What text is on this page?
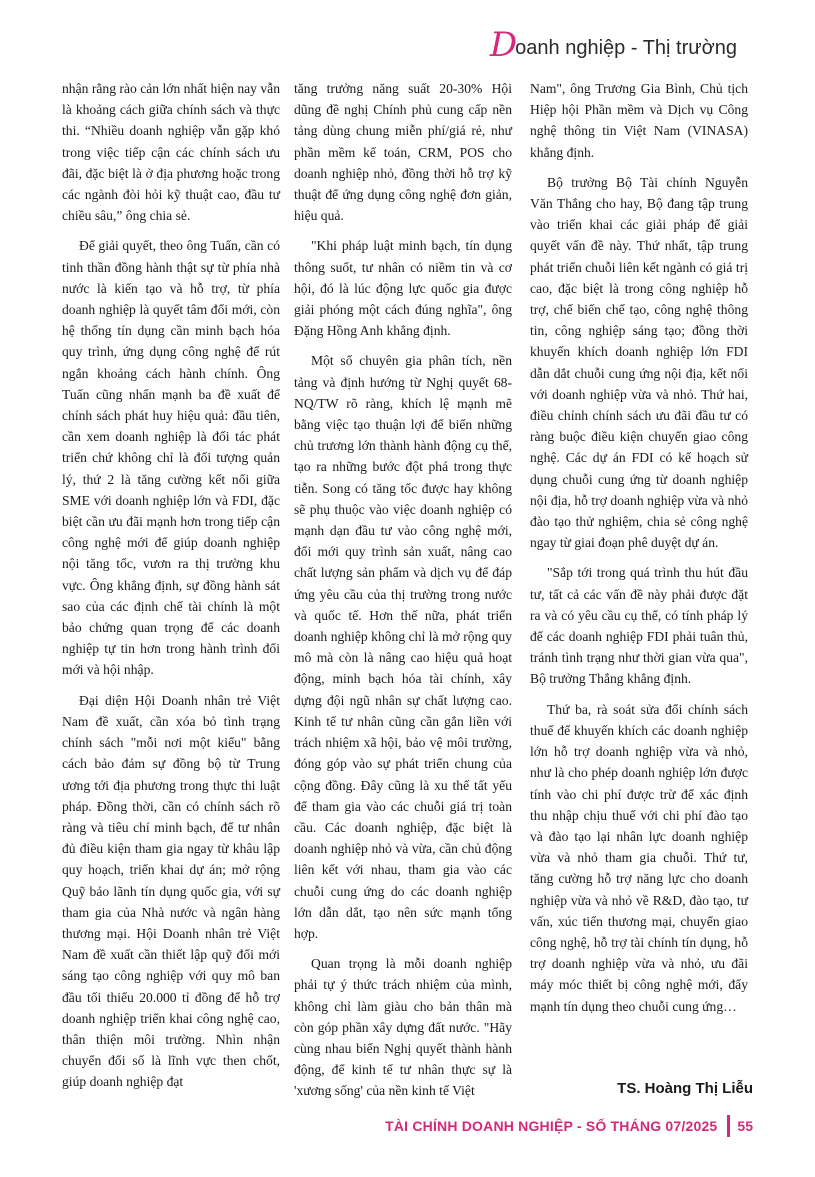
D
oanh nghiệp - Thị trường

nhận rằng rào cản lớn nhất hiện nay vẫn là khoảng cách giữa chính sách và thực thi. “Nhiều doanh nghiệp vẫn gặp khó trong việc tiếp cận các chính sách ưu đãi, đặc biệt là ở địa phương hoặc trong các ngành đòi hỏi kỹ thuật cao, đầu tư chiều sâu,” ông chia sẻ.

Để giải quyết, theo ông Tuấn, cần có tinh thần đồng hành thật sự từ phía nhà nước là kiến tạo và hỗ trợ, từ phía doanh nghiệp là quyết tâm đổi mới, còn hệ thống tín dụng cần minh bạch hóa quy trình, ứng dụng công nghệ để rút ngắn khoảng cách hành chính. Ông Tuấn cũng nhấn mạnh ba đề xuất để chính sách phát huy hiệu quả: đầu tiên, cần xem doanh nghiệp là đối tác phát triển chứ không chỉ là đối tượng quản lý, thứ 2 là tăng cường kết nối giữa SME với doanh nghiệp lớn và FDI, đặc biệt cần ưu đãi mạnh hơn trong tiếp cận công nghệ mới để giúp doanh nghiệp nội tăng tốc, vươn ra thị trường khu vực. Ông khẳng định, sự đồng hành sát sao của các định chế tài chính là một bảo chứng quan trọng để các doanh nghiệp tự tin hơn trong hành trình đổi mới và hội nhập.

Đại diện Hội Doanh nhân trẻ Việt Nam đề xuất, cần xóa bỏ tình trạng chính sách "mỗi nơi một kiểu" bằng cách bảo đảm sự đồng bộ từ Trung ương tới địa phương trong thực thi luật pháp. Đồng thời, cần có chính sách rõ ràng và tiêu chí minh bạch, để tư nhân đủ điều kiện tham gia ngay từ khâu lập quy hoạch, triển khai dự án; mở rộng Quỹ bảo lãnh tín dụng quốc gia, với sự tham gia của Nhà nước và ngân hàng thương mại. Hội Doanh nhân trẻ Việt Nam đề xuất cần thiết lập quỹ đổi mới sáng tạo công nghiệp với quy mô ban đầu tối thiểu 20.000 tỉ đồng để hỗ trợ doanh nghiệp triển khai công nghệ cao, thân thiện môi trường. Nhìn nhận chuyển đổi số là lĩnh vực then chốt, giúp doanh nghiệp đạt

tăng trưởng năng suất 20-30% Hội dũng đề nghị Chính phủ cung cấp nền tảng dùng chung miễn phí/giá rẻ, như phần mềm kế toán, CRM, POS cho doanh nghiệp nhỏ, đồng thời hỗ trợ kỹ thuật để ứng dụng công nghệ đơn giản, hiệu quả.

"Khi pháp luật minh bạch, tín dụng thông suốt, tư nhân có niềm tin và cơ hội, đó là lúc động lực quốc gia được giải phóng một cách đúng nghĩa", ông Đặng Hồng Anh khẳng định.

Một số chuyên gia phân tích, nền tảng và định hướng từ Nghị quyết 68-NQ/TW rõ ràng, khích lệ mạnh mẽ bằng việc tạo thuận lợi để biến những chủ trương lớn thành hành động cụ thể, tạo ra những bước đột phá trong thực tiễn. Song có tăng tốc được hay không sẽ phụ thuộc vào việc doanh nghiệp có mạnh dạn đầu tư vào công nghệ mới, đổi mới quy trình sản xuất, nâng cao chất lượng sản phẩm và dịch vụ để đáp ứng yêu cầu của thị trường trong nước và quốc tế. Hơn thế nữa, phát triển doanh nghiệp không chỉ là mở rộng quy mô mà còn là nâng cao hiệu quả hoạt động, minh bạch hóa tài chính, xây dựng đội ngũ nhân sự chất lượng cao. Kinh tế tư nhân cũng cần gắn liền với trách nhiệm xã hội, bảo vệ môi trường, đóng góp vào sự phát triển chung của cộng đồng. Đây cũng là xu thế tất yếu để tham gia vào các chuỗi giá trị toàn cầu. Các doanh nghiệp, đặc biệt là doanh nghiệp nhỏ và vừa, cần chủ động liên kết với nhau, tham gia vào các chuỗi cung ứng do các doanh nghiệp lớn dẫn dắt, tạo nên sức mạnh tổng hợp.

Quan trọng là mỗi doanh nghiệp phải tự ý thức trách nhiệm của mình, không chỉ làm giàu cho bản thân mà còn góp phần xây dựng đất nước. "Hãy cùng nhau biến Nghị quyết thành hành động, để kinh tế tư nhân thực sự là 'xương sống' của nền kinh tế Việt

Nam", ông Trương Gia Bình, Chủ tịch Hiệp hội Phần mềm và Dịch vụ Công nghệ thông tin Việt Nam (VINASA) khẳng định.

Bộ trưởng Bộ Tài chính Nguyễn Văn Thắng cho hay, Bộ đang tập trung vào triển khai các giải pháp để giải quyết vấn đề này. Thứ nhất, tập trung phát triển chuỗi liên kết ngành có giá trị cao, đặc biệt là trong công nghiệp hỗ trợ, chế biến chế tạo, công nghệ thông tin, công nghiệp sáng tạo; đồng thời khuyến khích doanh nghiệp lớn FDI dẫn dắt chuỗi cung ứng nội địa, kết nối với doanh nghiệp vừa và nhỏ. Thứ hai, điều chỉnh chính sách ưu đãi đầu tư có ràng buộc điều kiện chuyển giao công nghệ. Các dự án FDI có kế hoạch sử dụng chuỗi cung ứng từ doanh nghiệp nội địa, hỗ trợ doanh nghiệp vừa và nhỏ đào tạo thử nghiệm, chia sẻ công nghệ ngay từ giai đoạn phê duyệt dự án.

"Sắp tới trong quá trình thu hút đầu tư, tất cả các vấn đề này phải được đặt ra và có yêu cầu cụ thể, có tính pháp lý để các doanh nghiệp FDI phải tuân thủ, tránh tình trạng như thời gian vừa qua", Bộ trưởng Thắng khẳng định.

Thứ ba, rà soát sửa đổi chính sách thuế để khuyến khích các doanh nghiệp lớn hỗ trợ doanh nghiệp vừa và nhỏ, như là cho phép doanh nghiệp lớn được tính vào chi phí được trừ để xác định thu nhập chịu thuế với chi phí đào tạo và đào tạo lại nhân lực doanh nghiệp vừa và nhỏ tham gia chuỗi. Thứ tư, tăng cường hỗ trợ năng lực cho doanh nghiệp vừa và nhỏ về R&D, đào tạo, tư vấn, xúc tiến thương mại, chuyển giao công nghệ, hỗ trợ tài chính tín dụng, hỗ trợ doanh nghiệp vừa và nhỏ, ưu đãi máy móc thiết bị công nghệ mới, đẩy mạnh tín dụng theo chuỗi cung ứng…

TS. Hoàng Thị Liễu
TÀI CHÍNH DOANH NGHIỆP - SỐ THÁNG 07/2025 55
